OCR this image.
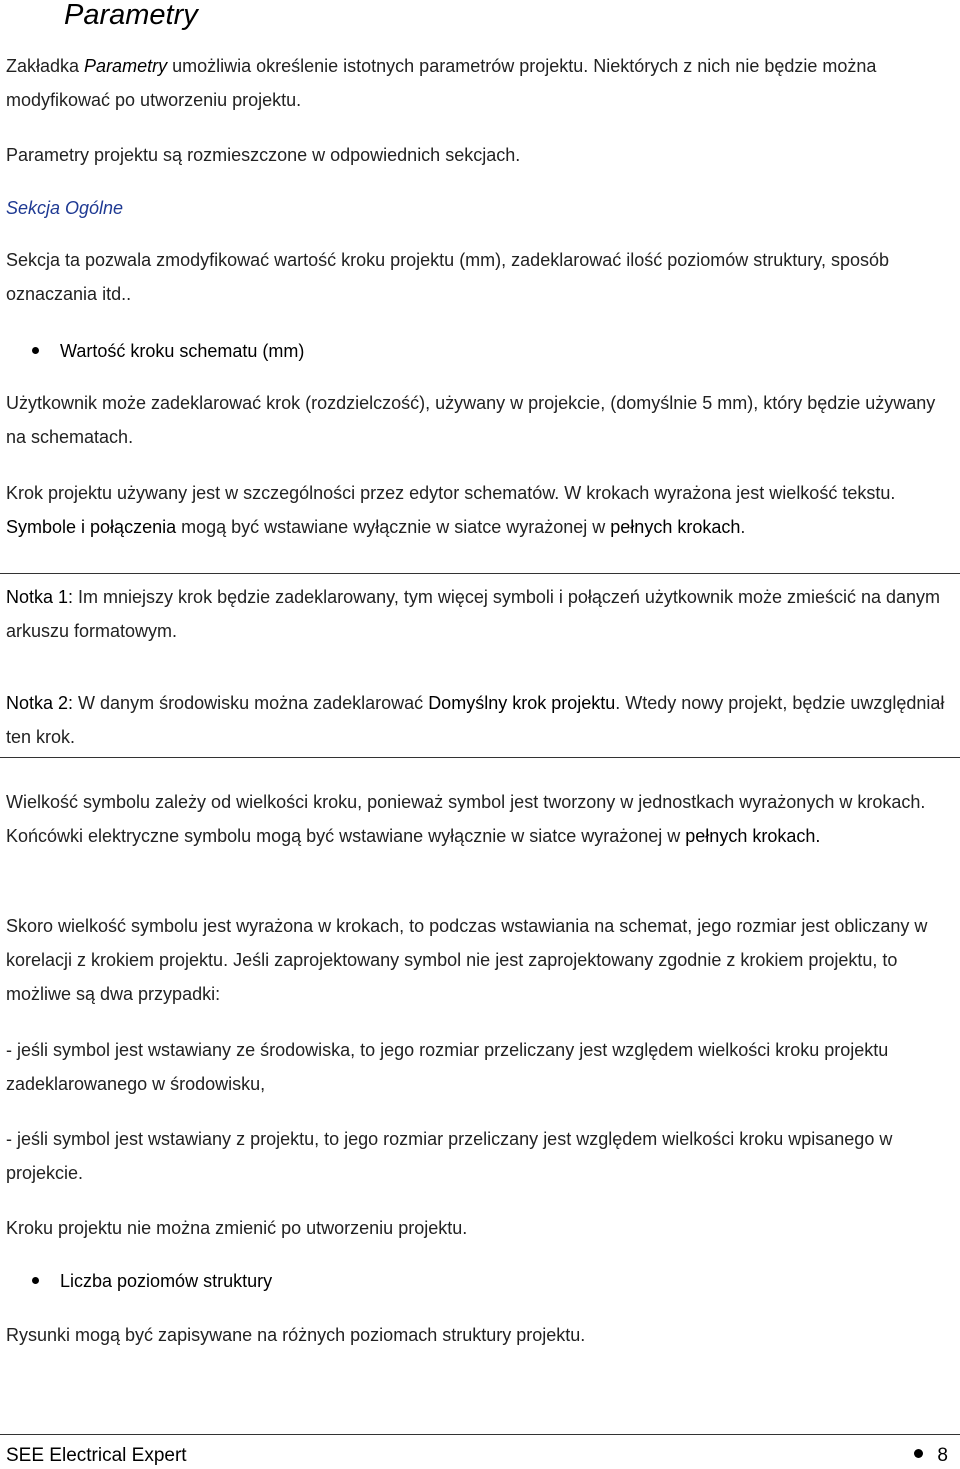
Parametry

Zakładka Parametry umożliwia określenie istotnych parametrów projektu. Niektórych z nich nie będzie można modyfikować po utworzeniu projektu.

Parametry projektu są rozmieszczone w odpowiednich sekcjach.

Sekcja Ogólne

Sekcja ta pozwala zmodyfikować wartość kroku projektu (mm), zadeklarować ilość poziomów struktury, sposób oznaczania itd..

Wartość kroku schematu (mm)

Użytkownik może zadeklarować krok (rozdzielczość), używany w projekcie, (domyślnie 5 mm), który będzie używany na schematach.

Krok projektu używany jest w szczególności przez edytor schematów. W krokach wyrażona jest wielkość tekstu. Symbole i połączenia mogą być wstawiane wyłącznie w siatce wyrażonej w pełnych krokach.

Notka 1: Im mniejszy krok będzie zadeklarowany, tym więcej symboli i połączeń użytkownik może zmieścić na danym arkuszu formatowym.

Notka 2: W danym środowisku można zadeklarować Domyślny krok projektu. Wtedy nowy projekt, będzie uwzględniał ten krok.

Wielkość symbolu zależy od wielkości kroku, ponieważ symbol jest tworzony w jednostkach wyrażonych w krokach. Końcówki elektryczne symbolu mogą być wstawiane wyłącznie w siatce wyrażonej w pełnych krokach.

Skoro wielkość symbolu jest wyrażona w krokach, to podczas wstawiania na schemat, jego rozmiar jest obliczany w korelacji z krokiem projektu. Jeśli zaprojektowany symbol nie jest zaprojektowany zgodnie z krokiem projektu, to możliwe są dwa przypadki:

- jeśli symbol jest wstawiany ze środowiska, to jego rozmiar przeliczany jest względem wielkości kroku projektu zadeklarowanego w środowisku,

- jeśli symbol jest wstawiany z projektu, to jego rozmiar przeliczany jest względem wielkości kroku wpisanego w projekcie.

Kroku projektu nie można zmienić po utworzeniu projektu.

Liczba poziomów struktury

Rysunki mogą być zapisywane na różnych poziomach struktury projektu.

SEE Electrical Expert	8
